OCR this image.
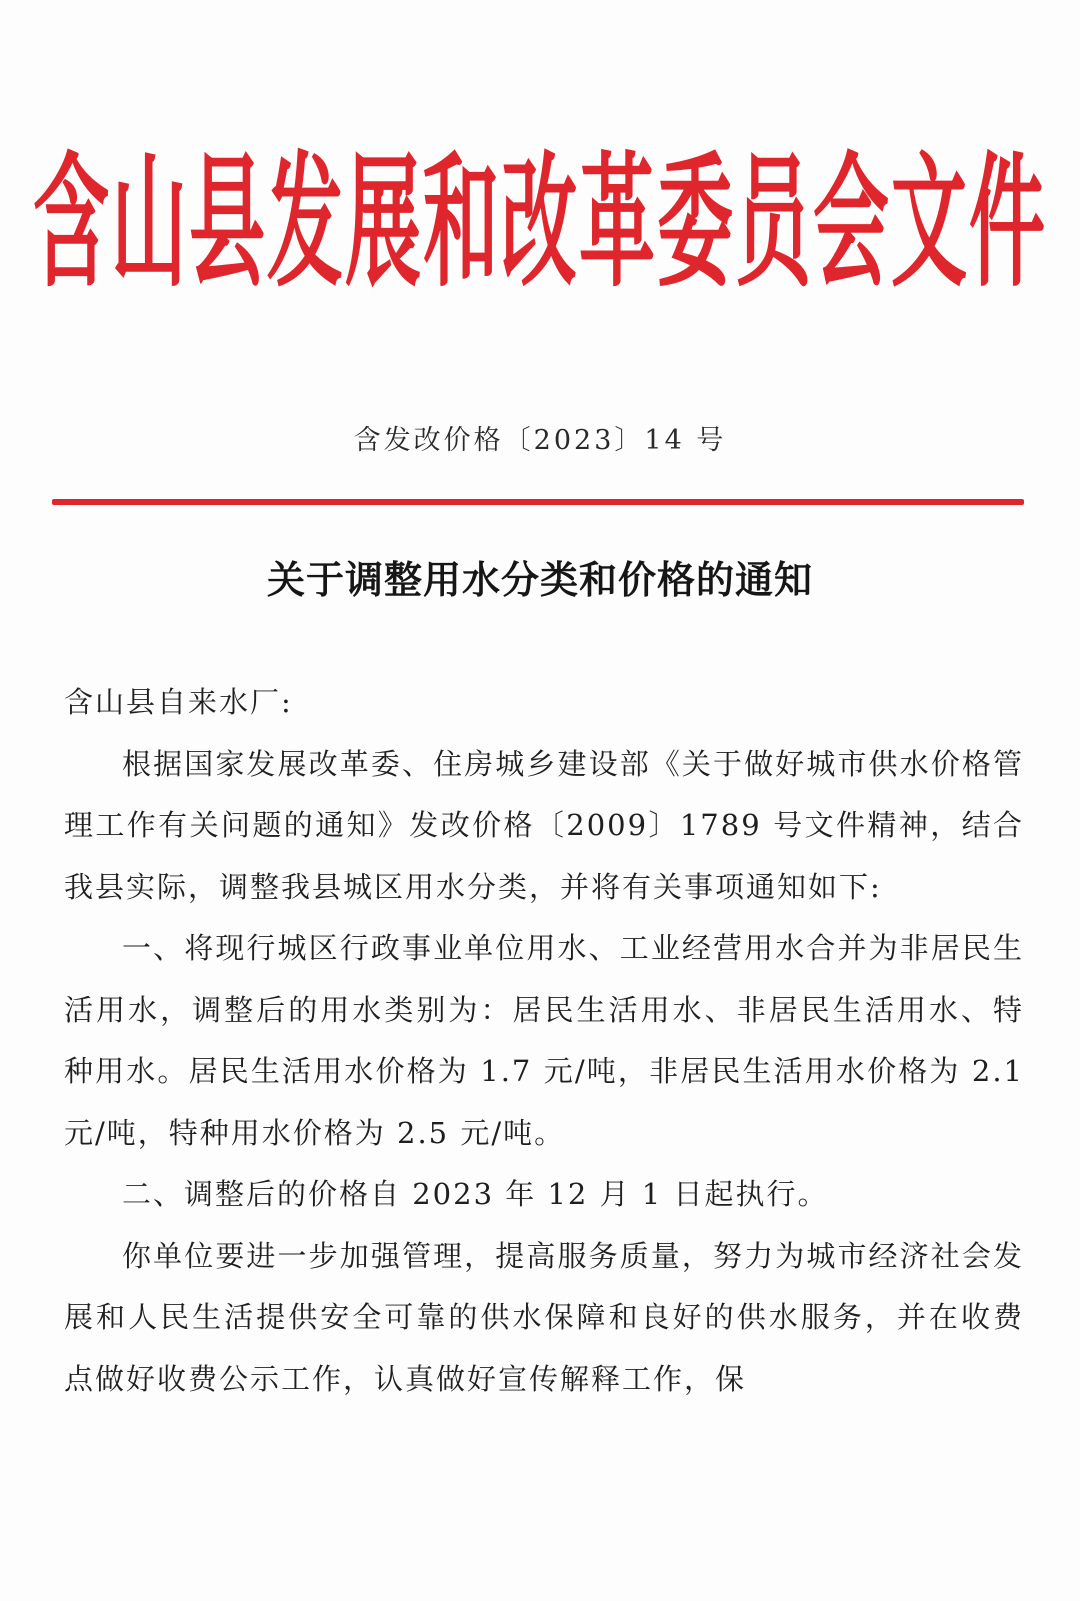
含山县发展和改革委员会文件
含发改价格〔2023〕14 号
关于调整用水分类和价格的通知

含山县自来水厂:

根据国家发展改革委、住房城乡建设部《关于做好城市供水价格管理工作有关问题的通知》发改价格〔2009〕1789 号文件精神，结合我县实际，调整我县城区用水分类，并将有关事项通知如下:

一、将现行城区行政事业单位用水、工业经营用水合并为非居民生活用水，调整后的用水类别为：居民生活用水、非居民生活用水、特种用水。居民生活用水价格为 1.7 元/吨，非居民生活用水价格为 2.1 元/吨，特种用水价格为 2.5 元/吨。

二、调整后的价格自 2023 年 12 月 1 日起执行。

你单位要进一步加强管理，提高服务质量，努力为城市经济社会发展和人民生活提供安全可靠的供水保障和良好的供水服务，并在收费点做好收费公示工作，认真做好宣传解释工作，保
